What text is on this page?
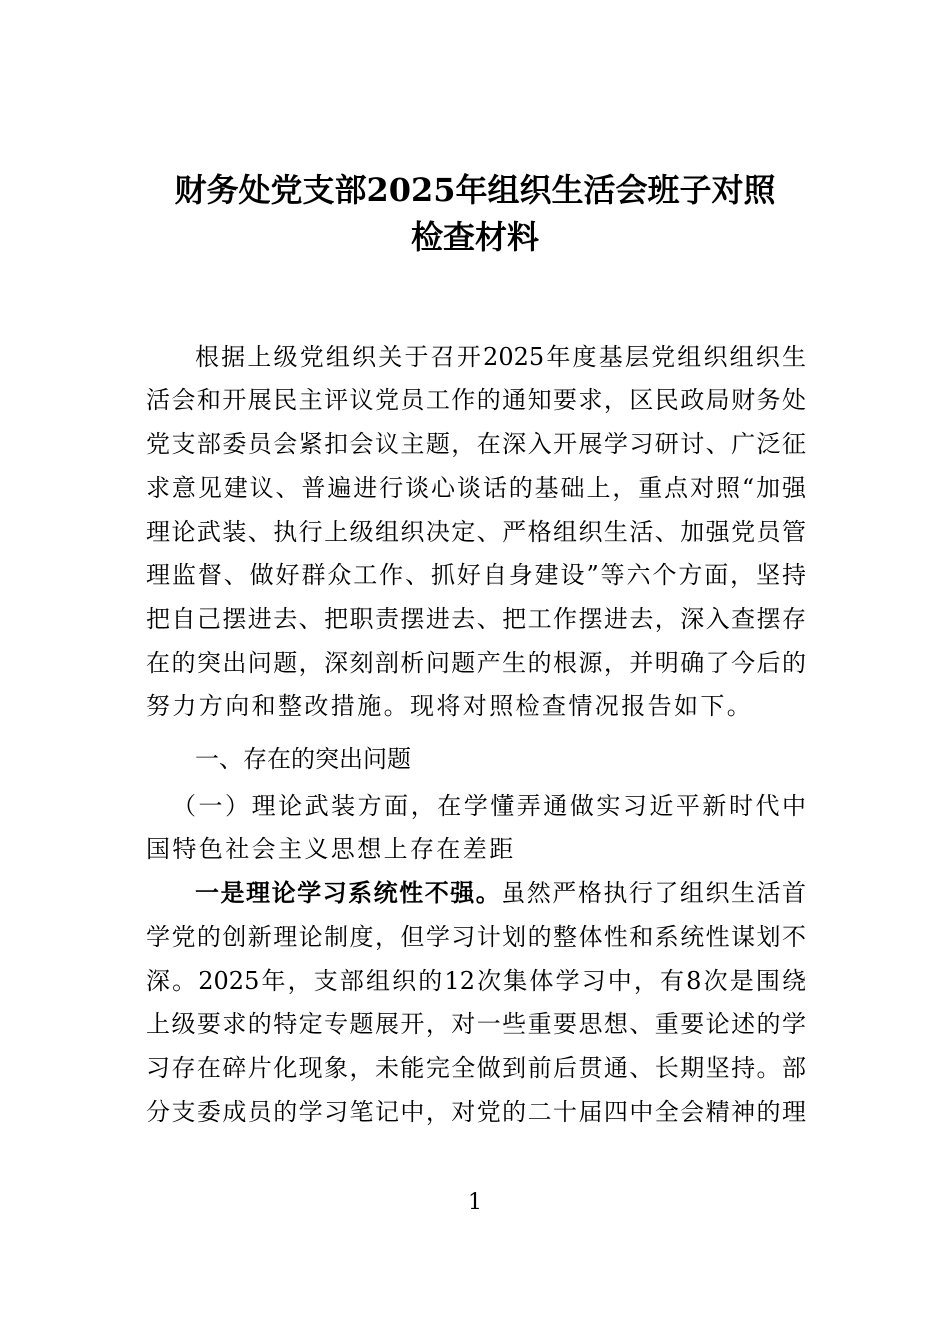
财务处党支部2025年组织生活会班子对照
检查材料
根据上级党组织关于召开2025年度基层党组织组织生
活会和开展民主评议党员工作的通知要求，区民政局财务处
党支部委员会紧扣会议主题，在深入开展学习研讨、广泛征
求意见建议、普遍进行谈心谈话的基础上，重点对照“加强
理论武装、执行上级组织决定、严格组织生活、加强党员管
理监督、做好群众工作、抓好自身建设”等六个方面，坚持
把自己摆进去、把职责摆进去、把工作摆进去，深入查摆存
在的突出问题，深刻剖析问题产生的根源，并明确了今后的
努力方向和整改措施。现将对照检查情况报告如下。
一、存在的突出问题
（一）理论武装方面，在学懂弄通做实习近平新时代中
国特色社会主义思想上存在差距
一是理论学习系统性不强。虽然严格执行了组织生活首
学党的创新理论制度，但学习计划的整体性和系统性谋划不
深。2025年，支部组织的12次集体学习中，有8次是围绕
上级要求的特定专题展开，对一些重要思想、重要论述的学
习存在碎片化现象，未能完全做到前后贯通、长期坚持。部
分支委成员的学习笔记中，对党的二十届四中全会精神的理
1
